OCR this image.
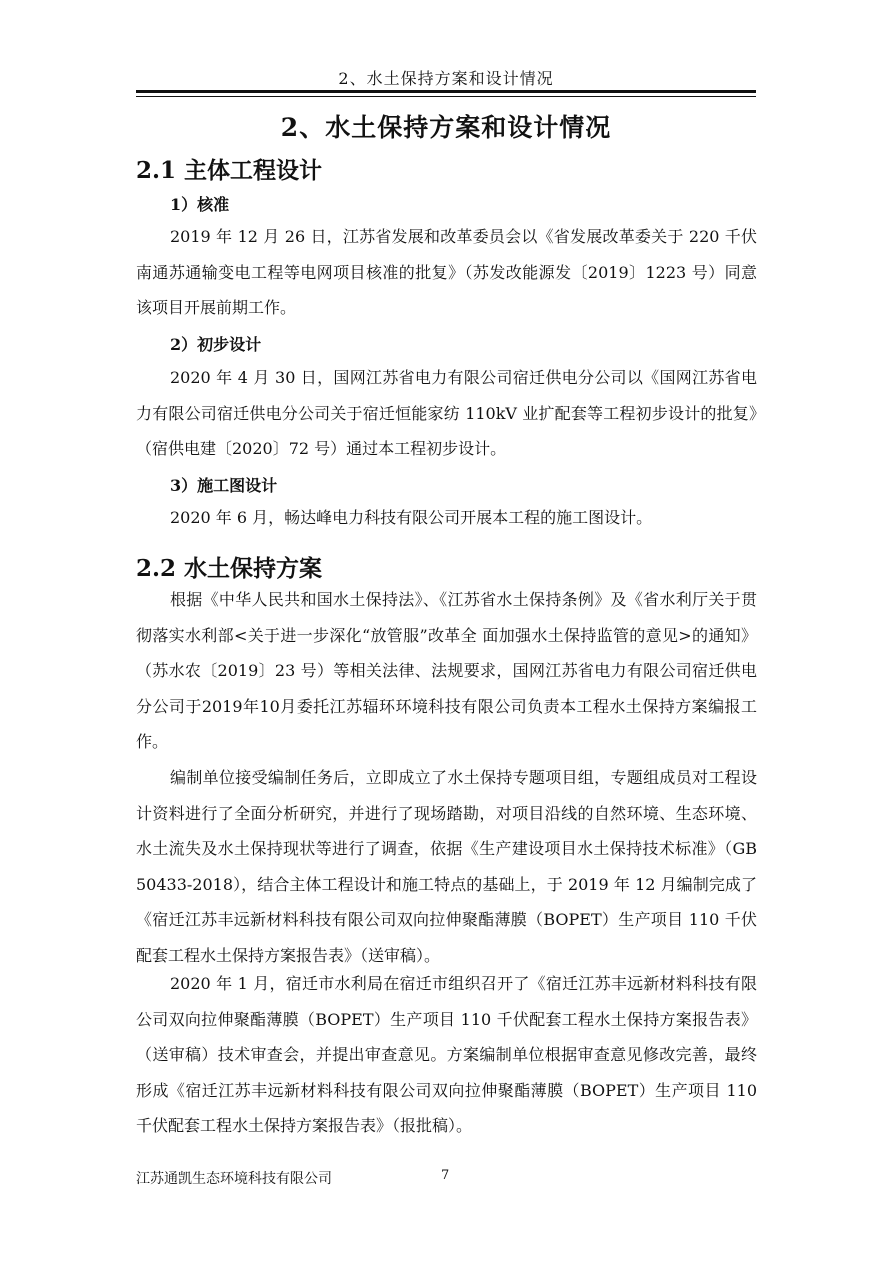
2、水土保持方案和设计情况
2、水土保持方案和设计情况
2.1 主体工程设计
1）核准

2019 年 12 月 26 日，江苏省发展和改革委员会以《省发展改革委关于 220 千伏南通苏通输变电工程等电网项目核准的批复》（苏发改能源发〔2019〕1223 号）同意该项目开展前期工作。

2）初步设计

2020 年 4 月 30 日，国网江苏省电力有限公司宿迁供电分公司以《国网江苏省电力有限公司宿迁供电分公司关于宿迁恒能家纺 110kV 业扩配套等工程初步设计的批复》（宿供电建〔2020〕72 号）通过本工程初步设计。

3）施工图设计

2020 年 6 月，畅达峰电力科技有限公司开展本工程的施工图设计。

2.2 水土保持方案

根据《中华人民共和国水土保持法》、《江苏省水土保持条例》及《省水利厅关于贯彻落实水利部<关于进一步深化“放管服”改革全 面加强水土保持监管的意见>的通知》（苏水农〔2019〕23 号）等相关法律、法规要求，国网江苏省电力有限公司宿迁供电分公司于2019年10月委托江苏辐环环境科技有限公司负责本工程水土保持方案编报工作。

编制单位接受编制任务后，立即成立了水土保持专题项目组，专题组成员对工程设计资料进行了全面分析研究，并进行了现场踏勘，对项目沿线的自然环境、生态环境、水土流失及水土保持现状等进行了调查，依据《生产建设项目水土保持技术标准》（GB 50433-2018），结合主体工程设计和施工特点的基础上，于 2019 年 12 月编制完成了《宿迁江苏丰远新材料科技有限公司双向拉伸聚酯薄膜（BOPET）生产项目 110 千伏配套工程水土保持方案报告表》（送审稿）。

2020 年 1 月，宿迁市水利局在宿迁市组织召开了《宿迁江苏丰远新材料科技有限公司双向拉伸聚酯薄膜（BOPET）生产项目 110 千伏配套工程水土保持方案报告表》（送审稿）技术审查会，并提出审查意见。方案编制单位根据审查意见修改完善，最终形成《宿迁江苏丰远新材料科技有限公司双向拉伸聚酯薄膜（BOPET）生产项目 110 千伏配套工程水土保持方案报告表》（报批稿）。

江苏通凯生态环境科技有限公司	7
